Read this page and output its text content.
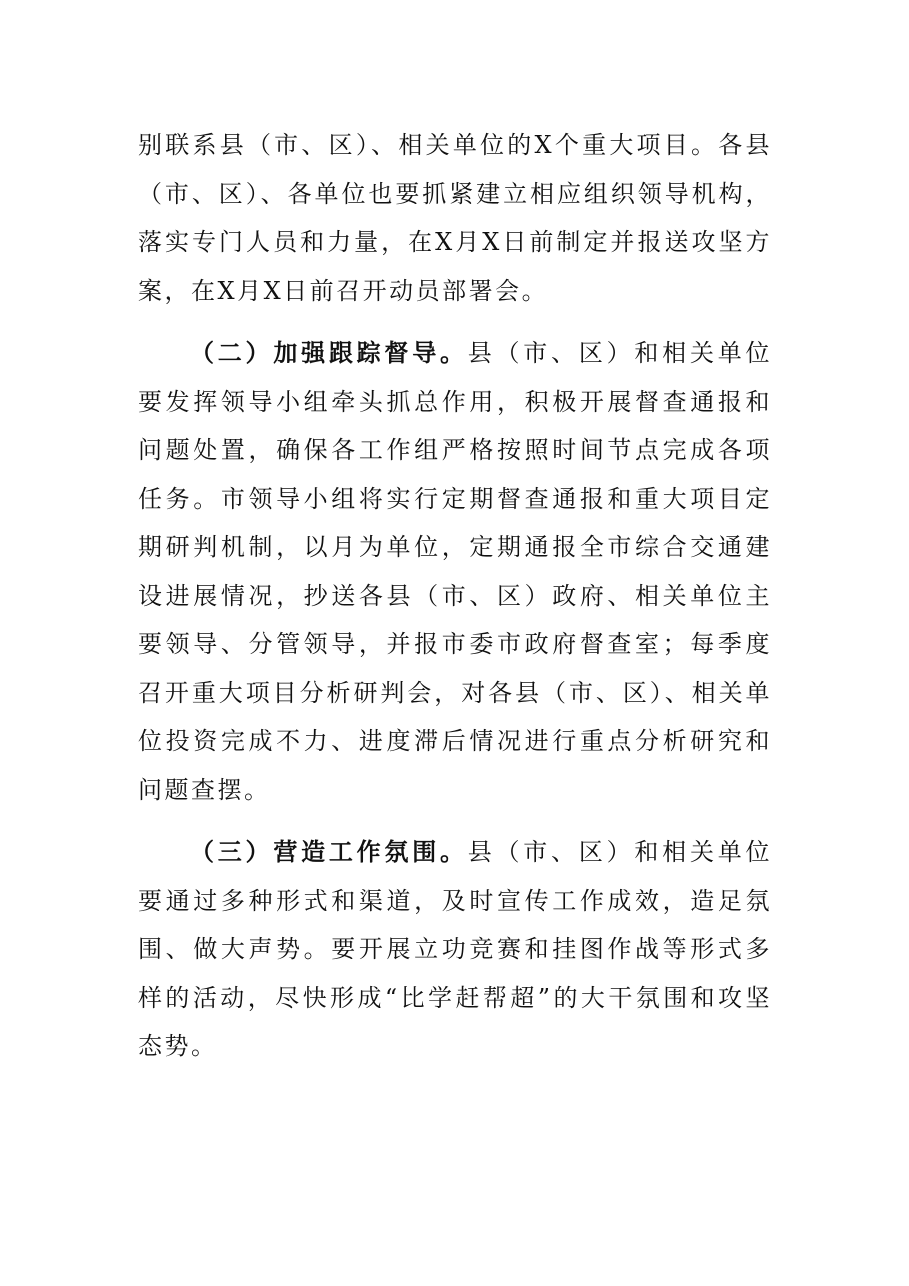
别联系县（市、区）、相关单位的X个重大项目。各县（市、区）、各单位也要抓紧建立相应组织领导机构，落实专门人员和力量，在X月X日前制定并报送攻坚方案，在X月X日前召开动员部署会。

（二）加强跟踪督导。县（市、区）和相关单位要发挥领导小组牵头抓总作用，积极开展督查通报和问题处置，确保各工作组严格按照时间节点完成各项任务。市领导小组将实行定期督查通报和重大项目定期研判机制，以月为单位，定期通报全市综合交通建设进展情况，抄送各县（市、区）政府、相关单位主要领导、分管领导，并报市委市政府督查室；每季度召开重大项目分析研判会，对各县（市、区）、相关单位投资完成不力、进度滞后情况进行重点分析研究和问题查摆。

（三）营造工作氛围。县（市、区）和相关单位要通过多种形式和渠道，及时宣传工作成效，造足氛围、做大声势。要开展立功竞赛和挂图作战等形式多样的活动，尽快形成“比学赶帮超”的大干氛围和攻坚态势。
